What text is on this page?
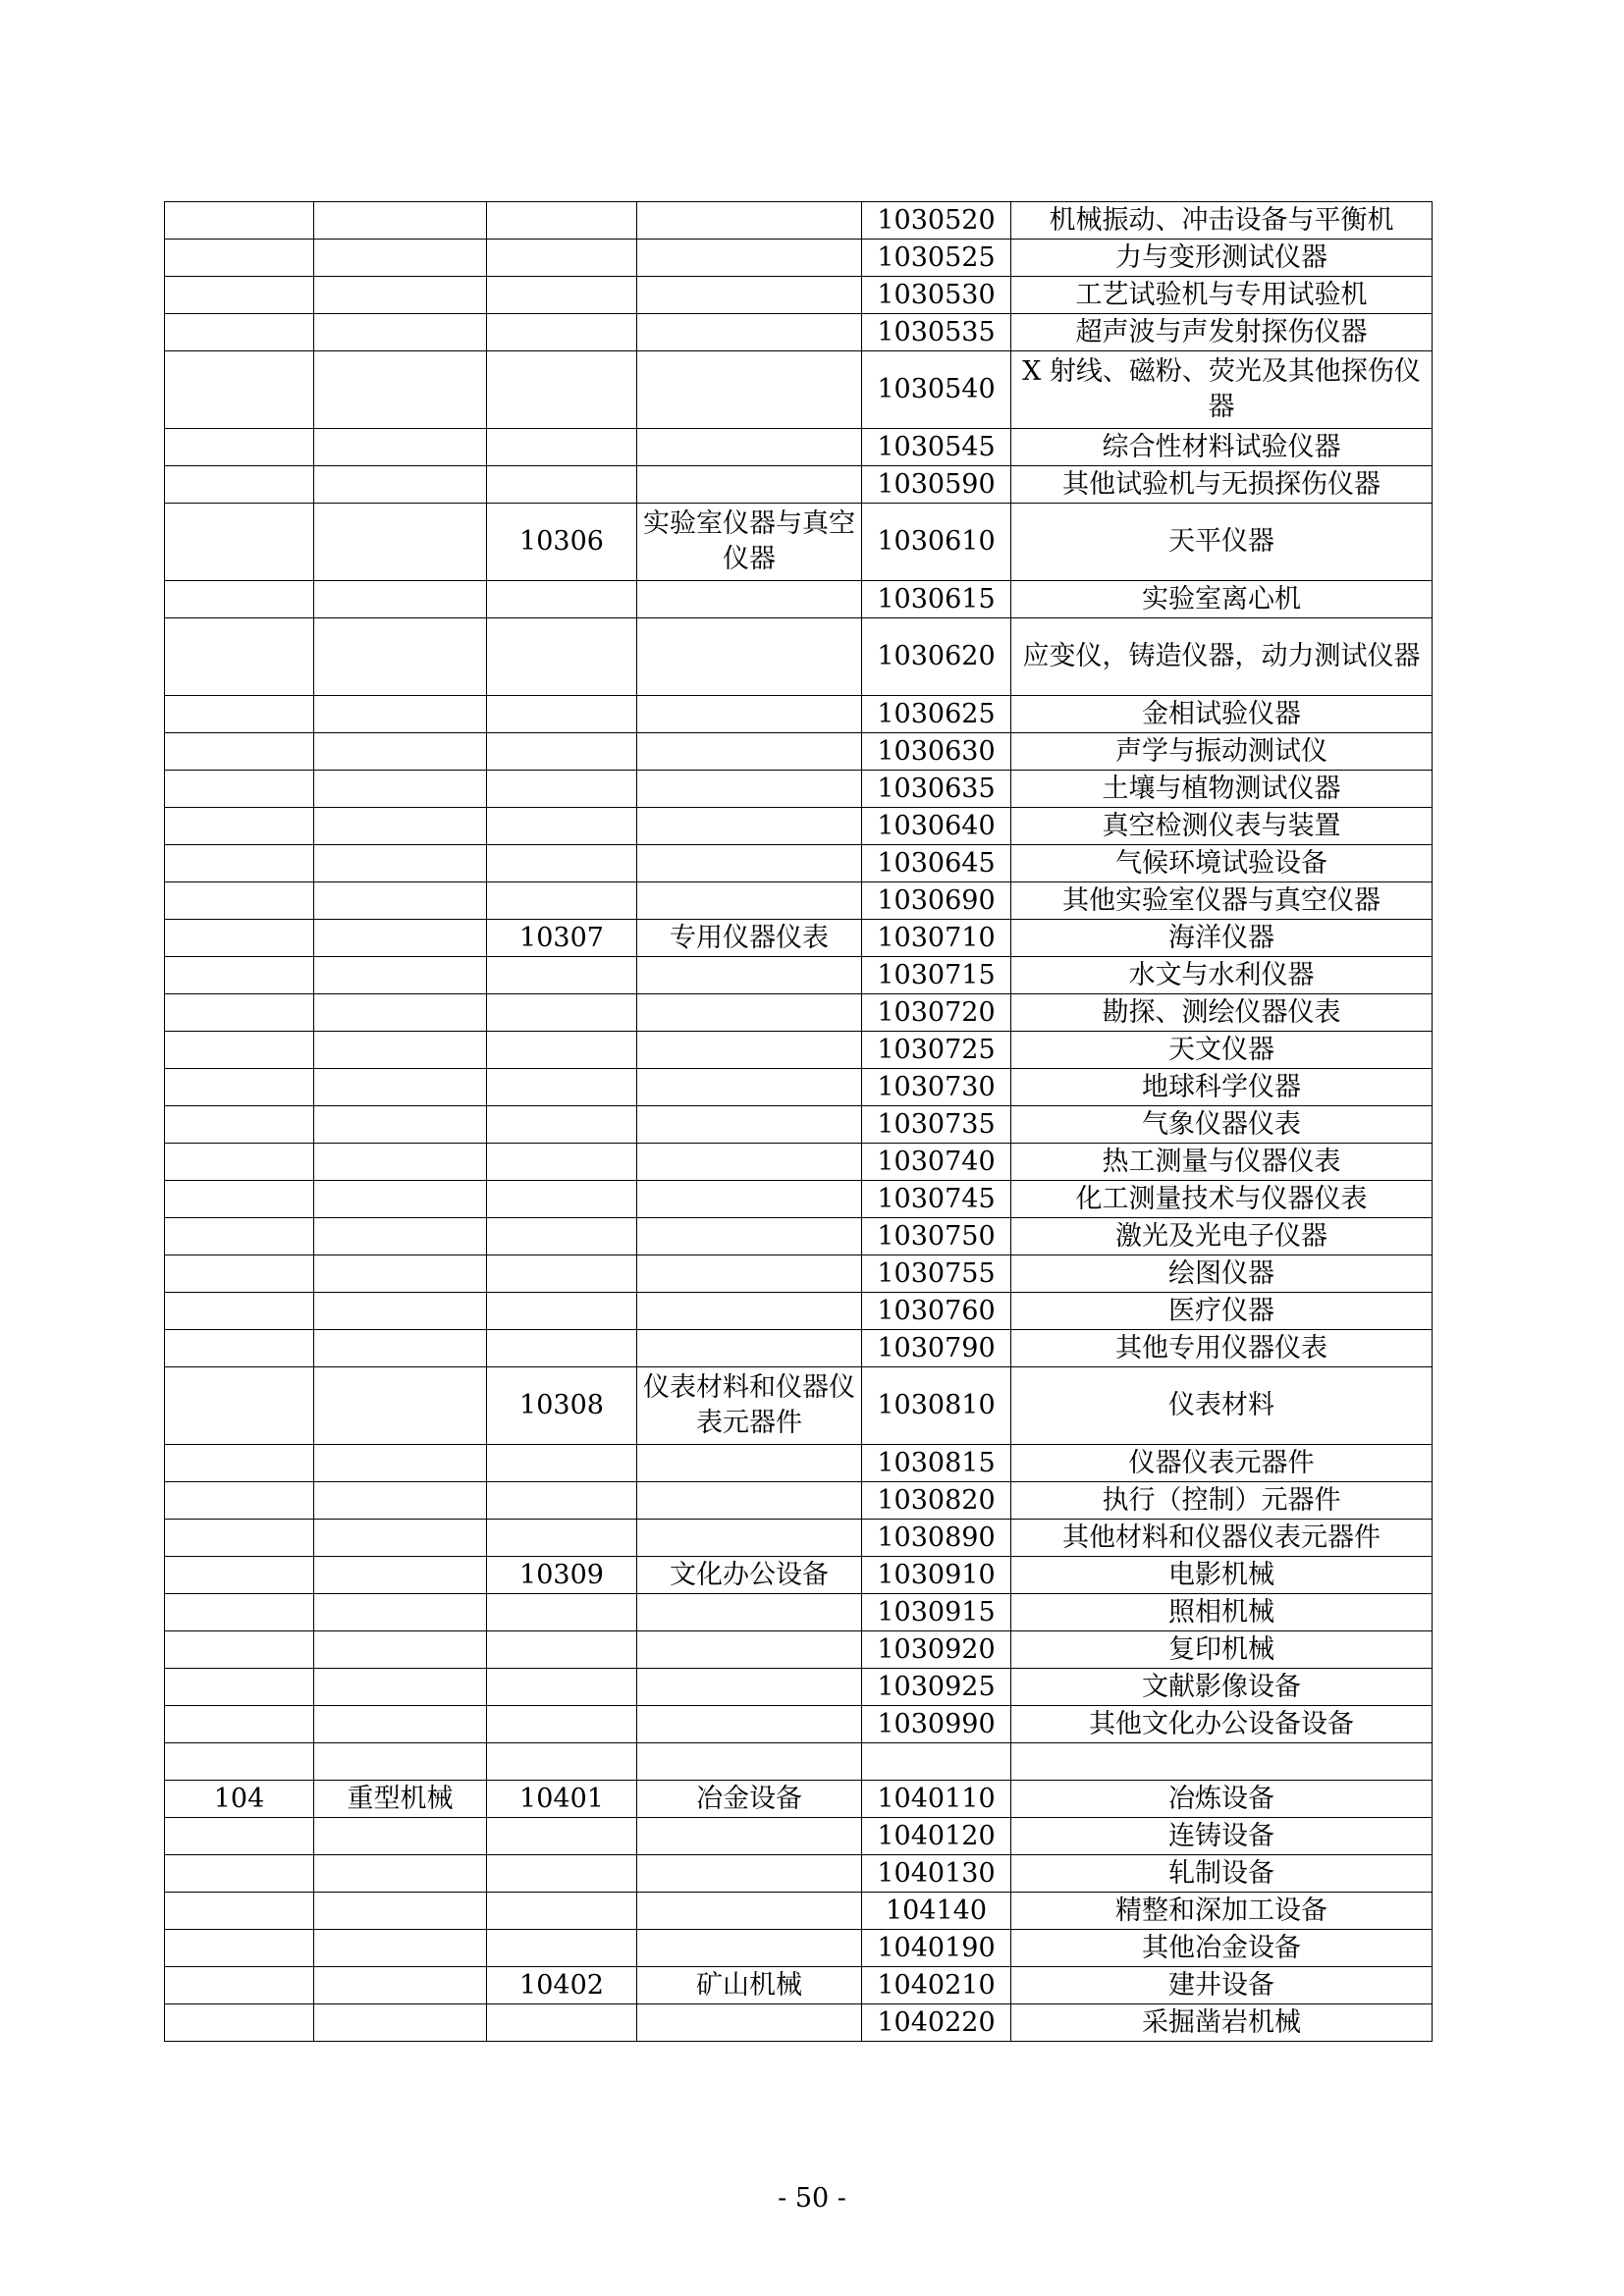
				1030520	机械振动、冲击设备与平衡机
				1030525	力与变形测试仪器
				1030530	工艺试验机与专用试验机
				1030535	超声波与声发射探伤仪器
				1030540	X 射线、磁粉、荧光及其他探伤仪器
				1030545	综合性材料试验仪器
				1030590	其他试验机与无损探伤仪器
		10306	实验室仪器与真空仪器	1030610	天平仪器
				1030615	实验室离心机
				1030620	应变仪，铸造仪器，动力测试仪器
				1030625	金相试验仪器
				1030630	声学与振动测试仪
				1030635	土壤与植物测试仪器
				1030640	真空检测仪表与装置
				1030645	气候环境试验设备
				1030690	其他实验室仪器与真空仪器
		10307	专用仪器仪表	1030710	海洋仪器
				1030715	水文与水利仪器
				1030720	勘探、测绘仪器仪表
				1030725	天文仪器
				1030730	地球科学仪器
				1030735	气象仪器仪表
				1030740	热工测量与仪器仪表
				1030745	化工测量技术与仪器仪表
				1030750	激光及光电子仪器
				1030755	绘图仪器
				1030760	医疗仪器
				1030790	其他专用仪器仪表
		10308	仪表材料和仪器仪表元器件	1030810	仪表材料
				1030815	仪器仪表元器件
				1030820	执行（控制）元器件
				1030890	其他材料和仪器仪表元器件
		10309	文化办公设备	1030910	电影机械
				1030915	照相机械
				1030920	复印机械
				1030925	文献影像设备
				1030990	其他文化办公设备设备

104	重型机械	10401	冶金设备	1040110	冶炼设备
				1040120	连铸设备
				1040130	轧制设备
				104140	精整和深加工设备
				1040190	其他冶金设备
		10402	矿山机械	1040210	建井设备
				1040220	采掘凿岩机械
- 50 -
